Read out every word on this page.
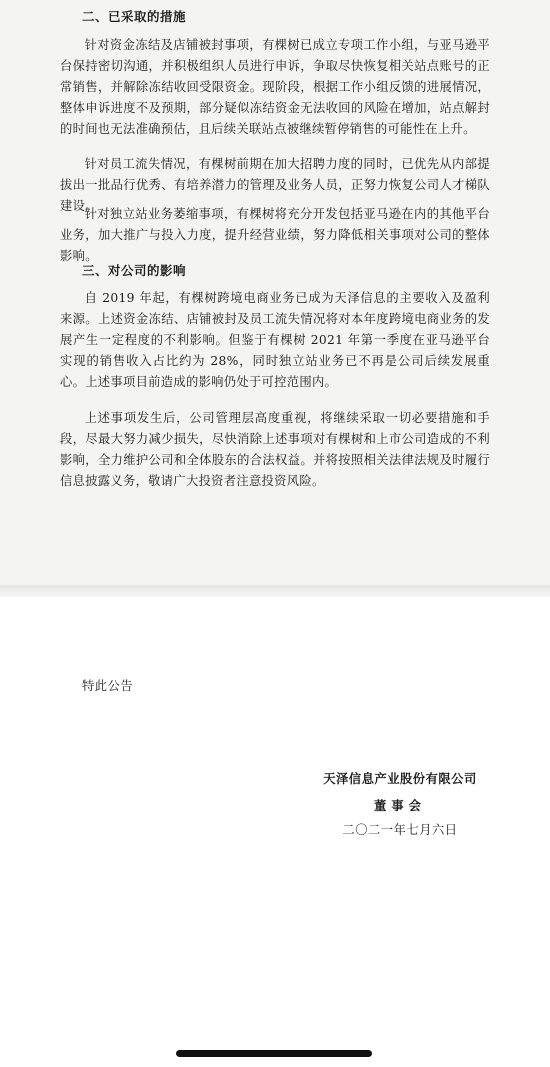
二、已采取的措施

针对资金冻结及店铺被封事项，有棵树已成立专项工作小组，与亚马逊平台保持密切沟通，并积极组织人员进行申诉，争取尽快恢复相关站点账号的正常销售，并解除冻结收回受限资金。现阶段，根据工作小组反馈的进展情况，整体申诉进度不及预期，部分疑似冻结资金无法收回的风险在增加，站点解封的时间也无法准确预估，且后续关联站点被继续暂停销售的可能性在上升。

针对员工流失情况，有棵树前期在加大招聘力度的同时，已优先从内部提拔出一批品行优秀、有培养潜力的管理及业务人员，正努力恢复公司人才梯队建设。

针对独立站业务萎缩事项，有棵树将充分开发包括亚马逊在内的其他平台业务，加大推广与投入力度，提升经营业绩，努力降低相关事项对公司的整体影响。

三、对公司的影响

自 2019 年起，有棵树跨境电商业务已成为天泽信息的主要收入及盈利来源。上述资金冻结、店铺被封及员工流失情况将对本年度跨境电商业务的发展产生一定程度的不利影响。但鉴于有棵树 2021 年第一季度在亚马逊平台实现的销售收入占比约为 28%，同时独立站业务已不再是公司后续发展重心。上述事项目前造成的影响仍处于可控范围内。

上述事项发生后，公司管理层高度重视，将继续采取一切必要措施和手段，尽最大努力减少损失，尽快消除上述事项对有棵树和上市公司造成的不利影响，全力维护公司和全体股东的合法权益。并将按照相关法律法规及时履行信息披露义务，敬请广大投资者注意投资风险。

特此公告
天泽信息产业股份有限公司
董事会
二〇二一年七月六日
